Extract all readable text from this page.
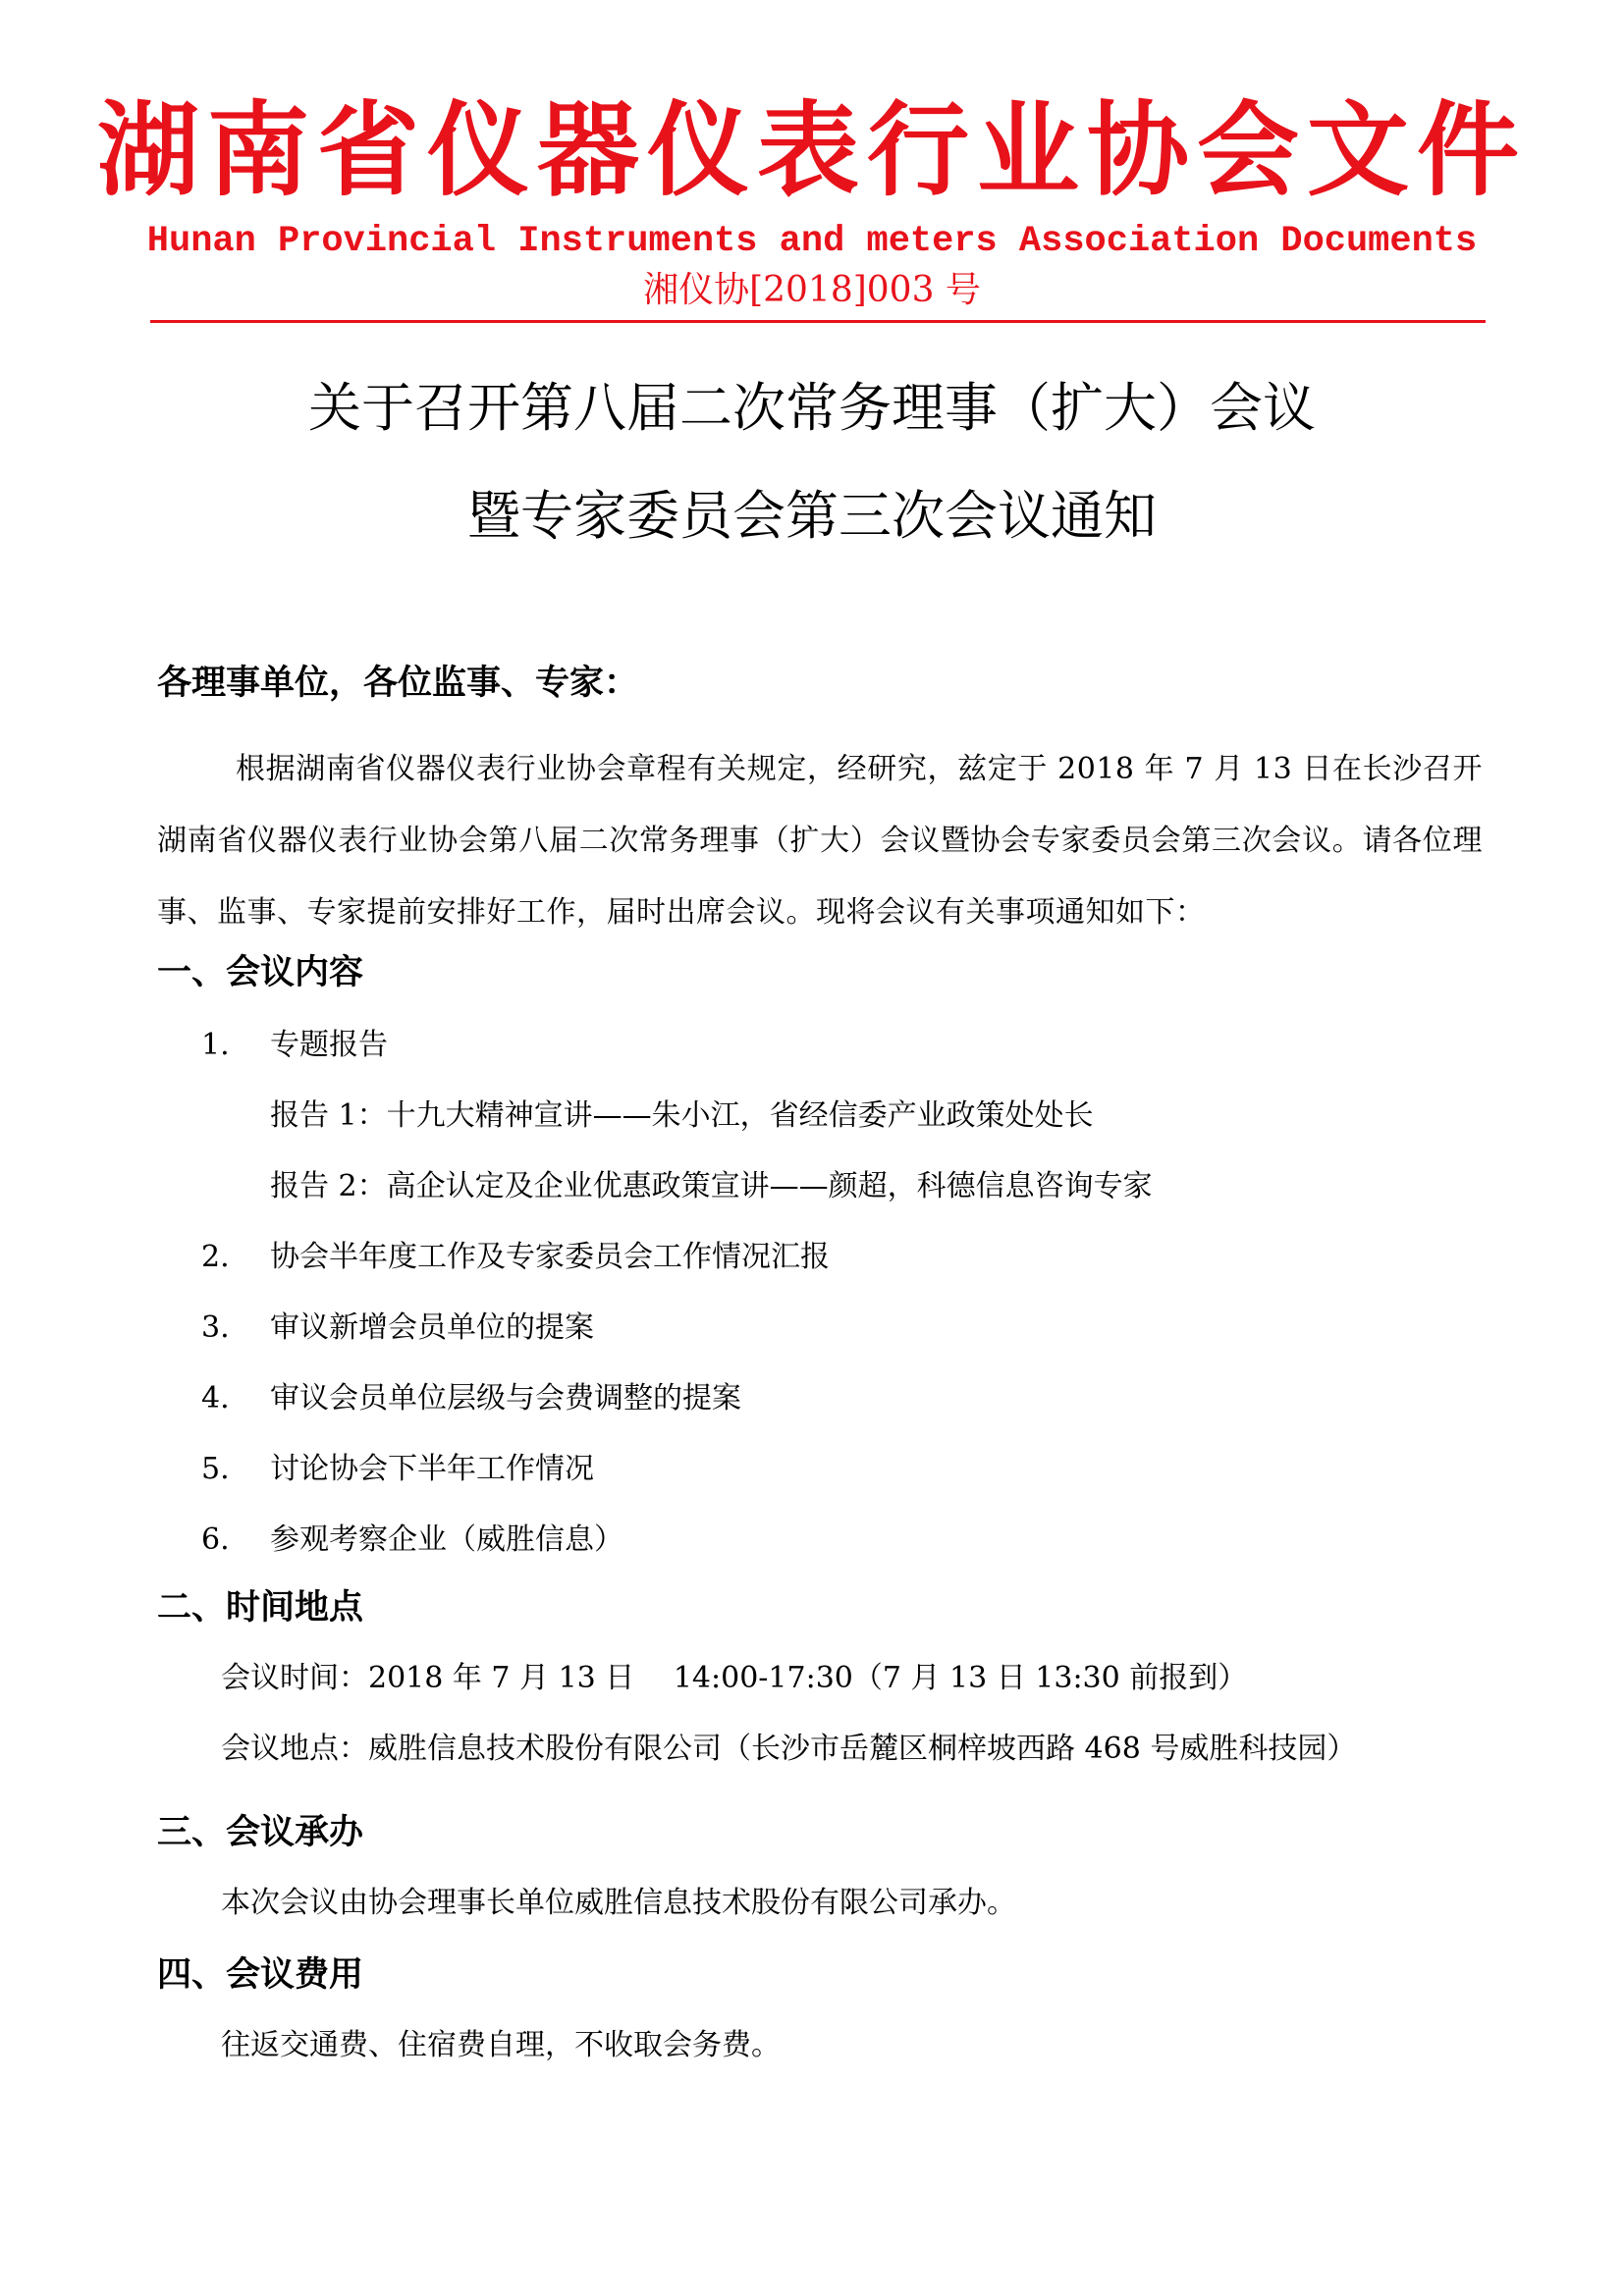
湖南省仪器仪表行业协会文件
Hunan Provincial Instruments and meters Association Documents
湘仪协[2018]003 号
关于召开第八届二次常务理事（扩大）会议
暨专家委员会第三次会议通知
各理事单位，各位监事、专家：
根据湖南省仪器仪表行业协会章程有关规定，经研究，兹定于 2018 年 7 月 13 日在长沙召开湖南省仪器仪表行业协会第八届二次常务理事（扩大）会议暨协会专家委员会第三次会议。请各位理事、监事、专家提前安排好工作，届时出席会议。现将会议有关事项通知如下：
一、会议内容
1. 专题报告
报告 1：十九大精神宣讲——朱小江，省经信委产业政策处处长
报告 2：高企认定及企业优惠政策宣讲——颜超，科德信息咨询专家
2. 协会半年度工作及专家委员会工作情况汇报
3. 审议新增会员单位的提案
4. 审议会员单位层级与会费调整的提案
5. 讨论协会下半年工作情况
6. 参观考察企业（威胜信息）
二、时间地点
会议时间：2018 年 7 月 13 日　 14:00-17:30（7 月 13 日 13:30 前报到）
会议地点：威胜信息技术股份有限公司（长沙市岳麓区桐梓坡西路 468 号威胜科技园）
三、会议承办
本次会议由协会理事长单位威胜信息技术股份有限公司承办。
四、会议费用
往返交通费、住宿费自理，不收取会务费。
